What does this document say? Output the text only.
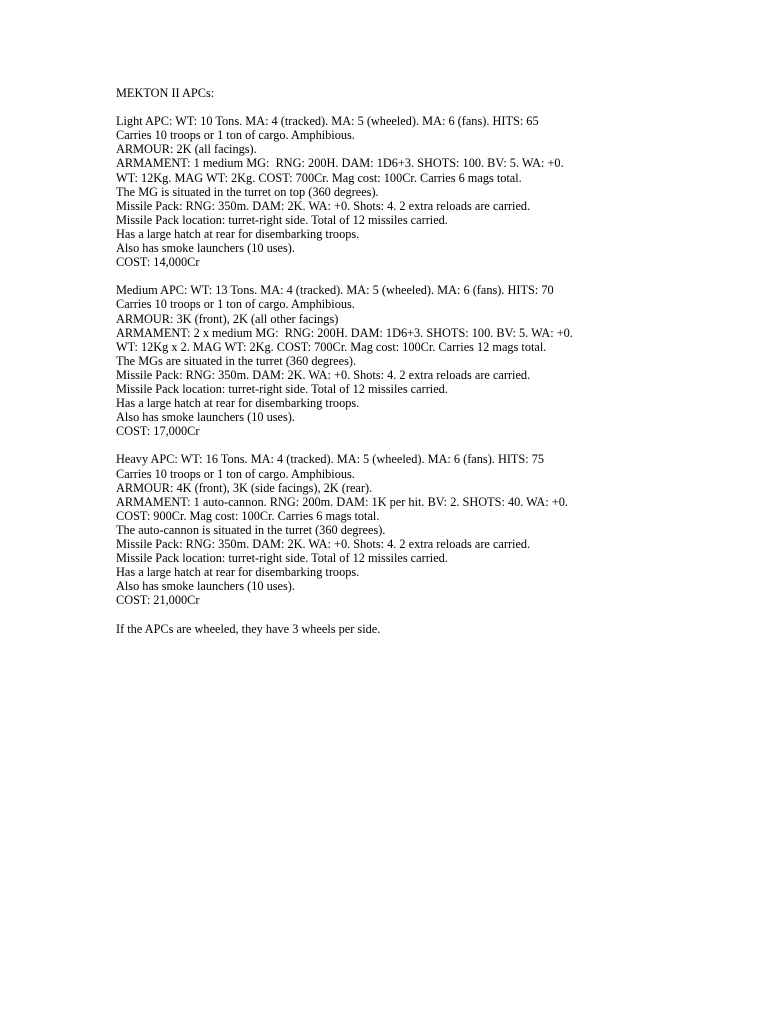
MEKTON II APCs:
Light APC: WT: 10 Tons. MA: 4 (tracked). MA: 5 (wheeled). MA: 6 (fans). HITS: 65
Carries 10 troops or 1 ton of cargo. Amphibious.
ARMOUR: 2K (all facings).
ARMAMENT: 1 medium MG:  RNG: 200H. DAM: 1D6+3. SHOTS: 100. BV: 5. WA: +0.
WT: 12Kg. MAG WT: 2Kg. COST: 700Cr. Mag cost: 100Cr. Carries 6 mags total.
The MG is situated in the turret on top (360 degrees).
Missile Pack: RNG: 350m. DAM: 2K. WA: +0. Shots: 4. 2 extra reloads are carried.
Missile Pack location: turret-right side. Total of 12 missiles carried.
Has a large hatch at rear for disembarking troops.
Also has smoke launchers (10 uses).
COST: 14,000Cr
Medium APC: WT: 13 Tons. MA: 4 (tracked). MA: 5 (wheeled). MA: 6 (fans). HITS: 70
Carries 10 troops or 1 ton of cargo. Amphibious.
ARMOUR: 3K (front), 2K (all other facings)
ARMAMENT: 2 x medium MG:  RNG: 200H. DAM: 1D6+3. SHOTS: 100. BV: 5. WA: +0.
WT: 12Kg x 2. MAG WT: 2Kg. COST: 700Cr. Mag cost: 100Cr. Carries 12 mags total.
The MGs are situated in the turret (360 degrees).
Missile Pack: RNG: 350m. DAM: 2K. WA: +0. Shots: 4. 2 extra reloads are carried.
Missile Pack location: turret-right side. Total of 12 missiles carried.
Has a large hatch at rear for disembarking troops.
Also has smoke launchers (10 uses).
COST: 17,000Cr
Heavy APC: WT: 16 Tons. MA: 4 (tracked). MA: 5 (wheeled). MA: 6 (fans). HITS: 75
Carries 10 troops or 1 ton of cargo. Amphibious.
ARMOUR: 4K (front), 3K (side facings), 2K (rear).
ARMAMENT: 1 auto-cannon. RNG: 200m. DAM: 1K per hit. BV: 2. SHOTS: 40. WA: +0.
COST: 900Cr. Mag cost: 100Cr. Carries 6 mags total.
The auto-cannon is situated in the turret (360 degrees).
Missile Pack: RNG: 350m. DAM: 2K. WA: +0. Shots: 4. 2 extra reloads are carried.
Missile Pack location: turret-right side. Total of 12 missiles carried.
Has a large hatch at rear for disembarking troops.
Also has smoke launchers (10 uses).
COST: 21,000Cr
If the APCs are wheeled, they have 3 wheels per side.
